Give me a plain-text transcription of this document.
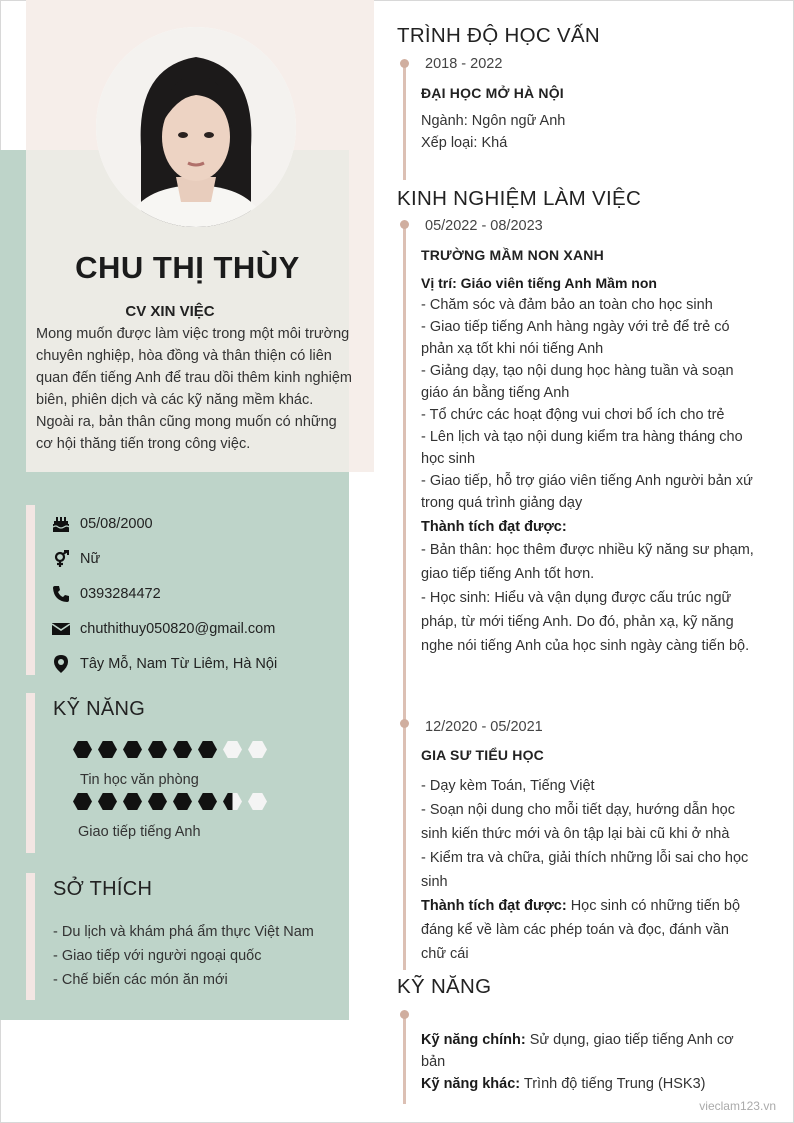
CHU THỊ THÙY
CV XIN VIỆC
Mong muốn được làm việc trong một môi trường chuyên nghiệp, hòa đồng và thân thiện có liên quan đến tiếng Anh để trau dồi thêm kinh nghiệm biên, phiên dịch và các kỹ năng mềm khác. Ngoài ra, bản thân cũng mong muốn có những cơ hội thăng tiến trong công việc.
05/08/2000
Nữ
0393284472
chuthithuy050820@gmail.com
Tây Mỗ, Nam Từ Liêm, Hà Nội
KỸ NĂNG
Tin học văn phòng
Giao tiếp tiếng Anh
SỞ THÍCH
- Du lịch và khám phá ẩm thực Việt Nam
- Giao tiếp với người ngoại quốc
- Chế biến các món ăn mới
TRÌNH ĐỘ HỌC VẤN
2018 - 2022
ĐẠI HỌC MỞ HÀ NỘI
Ngành: Ngôn ngữ Anh
Xếp loại: Khá
KINH NGHIỆM LÀM VIỆC
05/2022 - 08/2023
TRƯỜNG MẦM NON XANH
Vị trí: Giáo viên tiếng Anh Mầm non
- Chăm sóc và đảm bảo an toàn cho học sinh
- Giao tiếp tiếng Anh hàng ngày với trẻ để trẻ có phản xạ tốt khi nói tiếng Anh
- Giảng dạy, tạo nội dung học hàng tuần và soạn giáo án bằng tiếng Anh
- Tổ chức các hoạt động vui chơi bổ ích cho trẻ
- Lên lịch và tạo nội dung kiểm tra hàng tháng cho học sinh
- Giao tiếp, hỗ trợ giáo viên tiếng Anh người bản xứ trong quá trình giảng dạy
Thành tích đạt được:
- Bản thân: học thêm được nhiều kỹ năng sư phạm, giao tiếp tiếng Anh tốt hơn.
- Học sinh: Hiểu và vận dụng được cấu trúc ngữ pháp, từ mới tiếng Anh. Do đó, phản xạ, kỹ năng nghe nói tiếng Anh của học sinh ngày càng tiến bộ.
12/2020 - 05/2021
GIA SƯ TIỂU HỌC
- Dạy kèm Toán, Tiếng Việt
- Soạn nội dung cho mỗi tiết dạy, hướng dẫn học sinh kiến thức mới và ôn tập lại bài cũ khi ở nhà
- Kiểm tra và chữa, giải thích những lỗi sai cho học sinh
Thành tích đạt được: Học sinh có những tiến bộ đáng kể về làm các phép toán và đọc, đánh vần chữ cái
KỸ NĂNG
Kỹ năng chính: Sử dụng, giao tiếp tiếng Anh cơ bản
Kỹ năng khác: Trình độ tiếng Trung (HSK3)
vieclam123.vn
